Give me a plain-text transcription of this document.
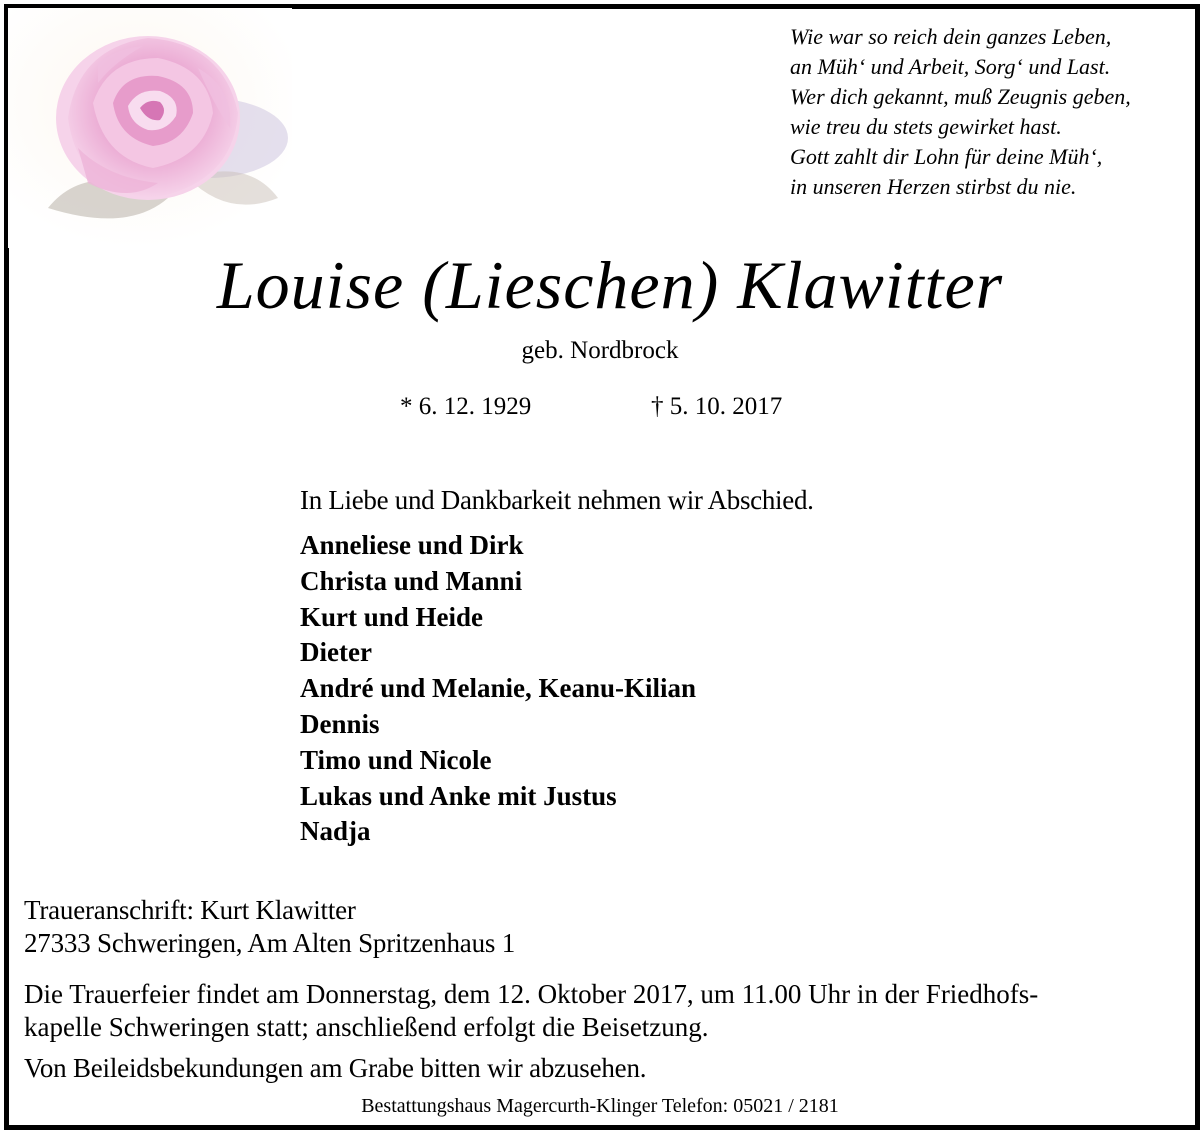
Wie war so reich dein ganzes Leben,
an Müh‘ und Arbeit, Sorg‘ und Last.
Wer dich gekannt, muß Zeugnis geben,
wie treu du stets gewirket hast.
Gott zahlt dir Lohn für deine Müh‘,
in unseren Herzen stirbst du nie.
Louise (Lieschen) Klawitter
geb. Nordbrock
* 6. 12. 1929	† 5. 10. 2017
In Liebe und Dankbarkeit nehmen wir Abschied.
Anneliese und Dirk
Christa und Manni
Kurt und Heide
Dieter
André und Melanie, Keanu-Kilian
Dennis
Timo und Nicole
Lukas und Anke mit Justus
Nadja
Traueranschrift: Kurt Klawitter
27333 Schweringen, Am Alten Spritzenhaus 1
Die Trauerfeier findet am Donnerstag, dem 12. Oktober 2017, um 11.00 Uhr in der Friedhofs-
kapelle Schweringen statt; anschließend erfolgt die Beisetzung.
Von Beileidsbekundungen am Grabe bitten wir abzusehen.
Bestattungshaus Magercurth-Klinger Telefon: 05021 / 2181
